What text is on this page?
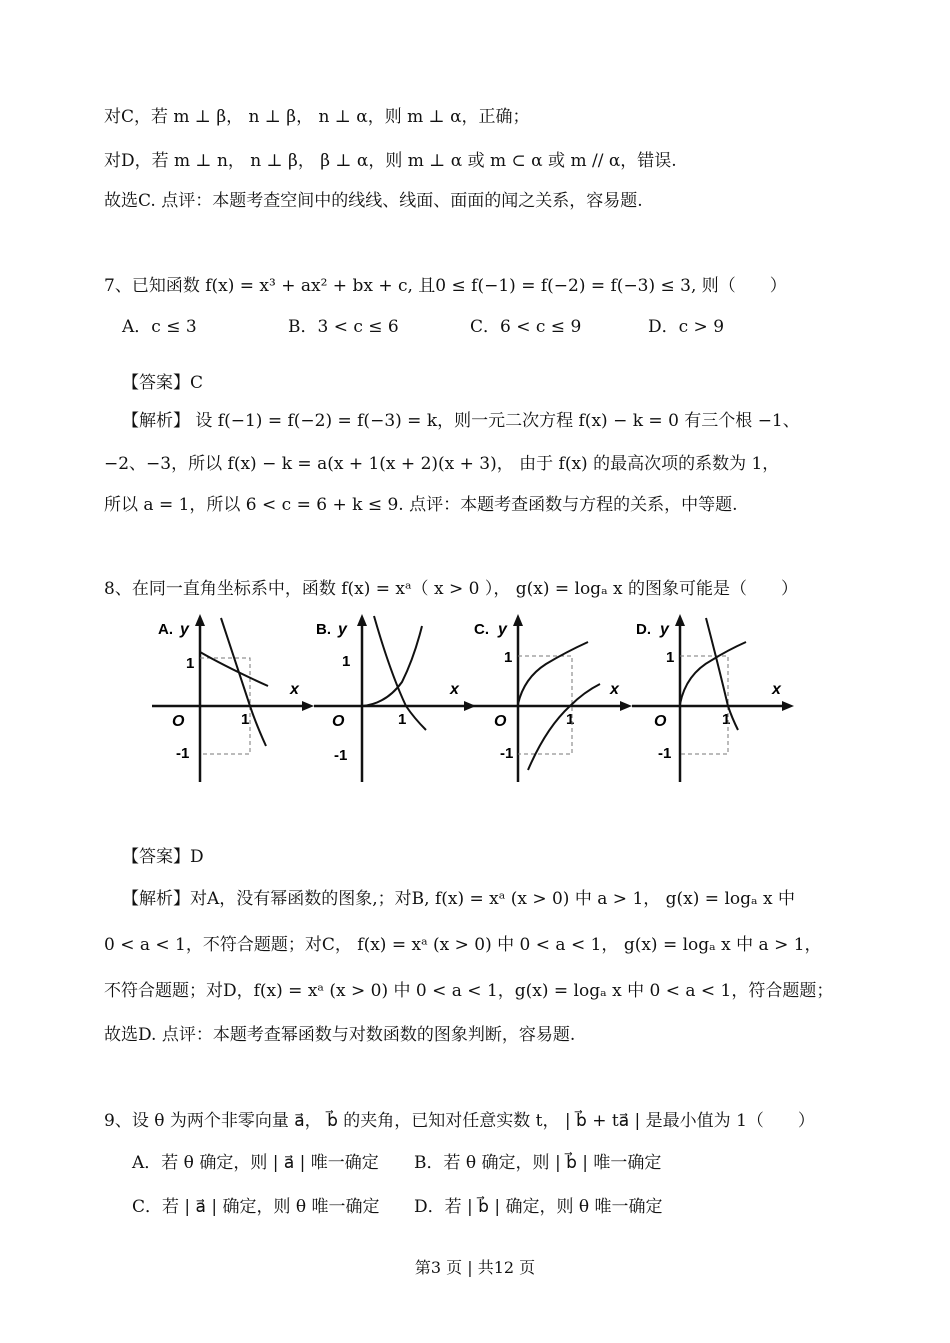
对C，若 m ⊥ β， n ⊥ β， n ⊥ α，则 m ⊥ α，正确；
对D，若 m ⊥ n， n ⊥ β， β ⊥ α，则 m ⊥ α 或 m ⊂ α 或 m // α，错误.
故选C. 点评：本题考查空间中的线线、线面、面面的闻之关系，容易题.
7、已知函数 f(x) = x³ + ax² + bx + c, 且0 ≤ f(−1) = f(−2) = f(−3) ≤ 3, 则（　　）
A．c ≤ 3	B．3 < c ≤ 6	C．6 < c ≤ 9	D．c > 9
【答案】C
【解析】 设 f(−1) = f(−2) = f(−3) = k，则一元二次方程 f(x) − k = 0 有三个根 −1、
−2、−3，所以 f(x) − k = a(x + 1(x + 2)(x + 3)， 由于 f(x) 的最高次项的系数为 1，
所以 a = 1，所以 6 < c = 6 + k ≤ 9. 点评：本题考查函数与方程的关系，中等题.
8、在同一直角坐标系中，函数 f(x) = xᵃ（ x > 0 ）， g(x) = logₐ x 的图象可能是（　　）
A. y
x
O
1
1
-1
B. y
x
O
1
1
-1
C. y
x
O
1
1
-1
D. y
x
O
1
1
-1
【答案】D
【解析】对A，没有幂函数的图象,；对B, f(x) = xᵃ (x > 0) 中 a > 1， g(x) = logₐ x 中
0 < a < 1，不符合题题；对C， f(x) = xᵃ (x > 0) 中 0 < a < 1， g(x) = logₐ x 中 a > 1，
不符合题题；对D，f(x) = xᵃ (x > 0) 中 0 < a < 1，g(x) = logₐ x 中 0 < a < 1，符合题题；
故选D. 点评：本题考查幂函数与对数函数的图象判断，容易题.
9、设 θ 为两个非零向量 a⃗， b⃗ 的夹角，已知对任意实数 t， | b⃗ + ta⃗ | 是最小值为 1（　　）
A．若 θ 确定，则 | a⃗ | 唯一确定 B．若 θ 确定，则 | b⃗ | 唯一确定
C．若 | a⃗ | 确定，则 θ 唯一确定 D．若 | b⃗ | 确定，则 θ 唯一确定
第3 页 | 共12 页
